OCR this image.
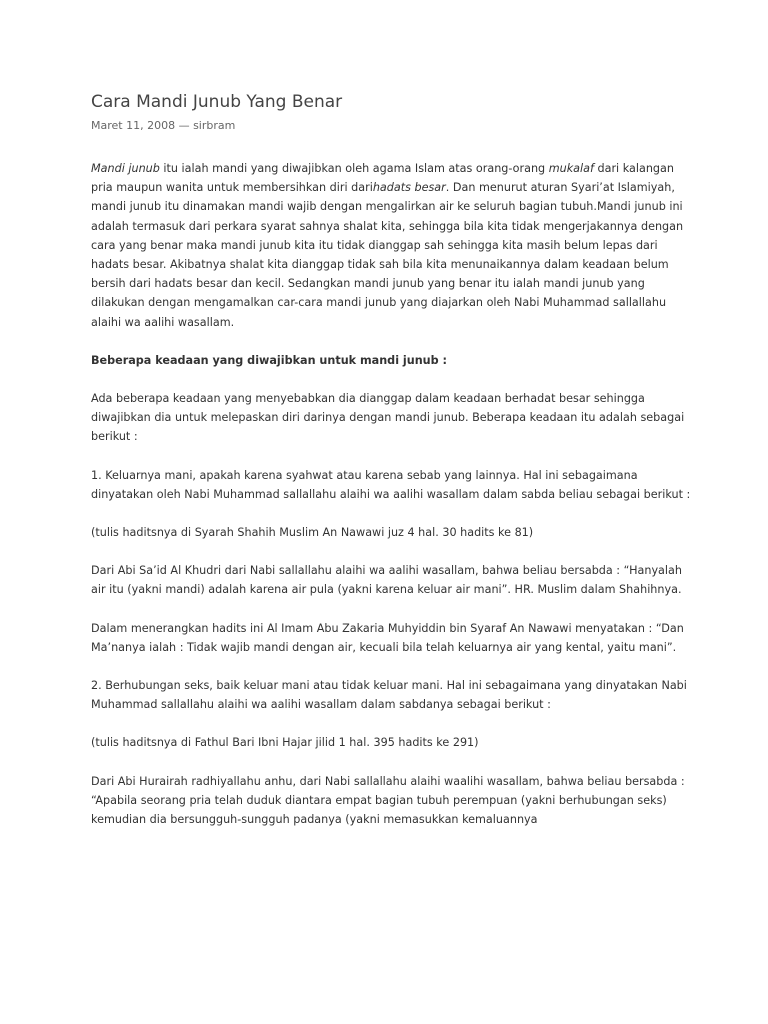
Cara Mandi Junub Yang Benar
Maret 11, 2008 — sirbram

Mandi junub itu ialah mandi yang diwajibkan oleh agama Islam atas orang-orang mukalaf dari kalangan pria maupun wanita untuk membersihkan diri darihadats besar. Dan menurut aturan Syari’at Islamiyah, mandi junub itu dinamakan mandi wajib dengan mengalirkan air ke seluruh bagian tubuh.Mandi junub ini adalah termasuk dari perkara syarat sahnya shalat kita, sehingga bila kita tidak mengerjakannya dengan cara yang benar maka mandi junub kita itu tidak dianggap sah sehingga kita masih belum lepas dari hadats besar. Akibatnya shalat kita dianggap tidak sah bila kita menunaikannya dalam keadaan belum bersih dari hadats besar dan kecil. Sedangkan mandi junub yang benar itu ialah mandi junub yang dilakukan dengan mengamalkan car-cara mandi junub yang diajarkan oleh Nabi Muhammad sallallahu alaihi wa aalihi wasallam.

Beberapa keadaan yang diwajibkan untuk mandi junub :

Ada beberapa keadaan yang menyebabkan dia dianggap dalam keadaan berhadat besar sehingga diwajibkan dia untuk melepaskan diri darinya dengan mandi junub. Beberapa keadaan itu adalah sebagai berikut :

1. Keluarnya mani, apakah karena syahwat atau karena sebab yang lainnya. Hal ini sebagaimana dinyatakan oleh Nabi Muhammad sallallahu alaihi wa aalihi wasallam dalam sabda beliau sebagai berikut :

(tulis haditsnya di Syarah Shahih Muslim An Nawawi juz 4 hal. 30 hadits ke 81)

Dari Abi Sa’id Al Khudri dari Nabi sallallahu alaihi wa aalihi wasallam, bahwa beliau bersabda : “Hanyalah air itu (yakni mandi) adalah karena air pula (yakni karena keluar air mani”. HR. Muslim dalam Shahihnya.

Dalam menerangkan hadits ini Al Imam Abu Zakaria Muhyiddin bin Syaraf An Nawawi menyatakan : “Dan Ma’nanya ialah : Tidak wajib mandi dengan air, kecuali bila telah keluarnya air yang kental, yaitu mani”.

2. Berhubungan seks, baik keluar mani atau tidak keluar mani. Hal ini sebagaimana yang dinyatakan Nabi Muhammad sallallahu alaihi wa aalihi wasallam dalam sabdanya sebagai berikut :

(tulis haditsnya di Fathul Bari Ibni Hajar jilid 1 hal. 395 hadits ke 291)

Dari Abi Hurairah radhiyallahu anhu, dari Nabi sallallahu alaihi waalihi wasallam, bahwa beliau bersabda : “Apabila seorang pria telah duduk diantara empat bagian tubuh perempuan (yakni berhubungan seks) kemudian dia bersungguh-sungguh padanya (yakni memasukkan kemaluannya
